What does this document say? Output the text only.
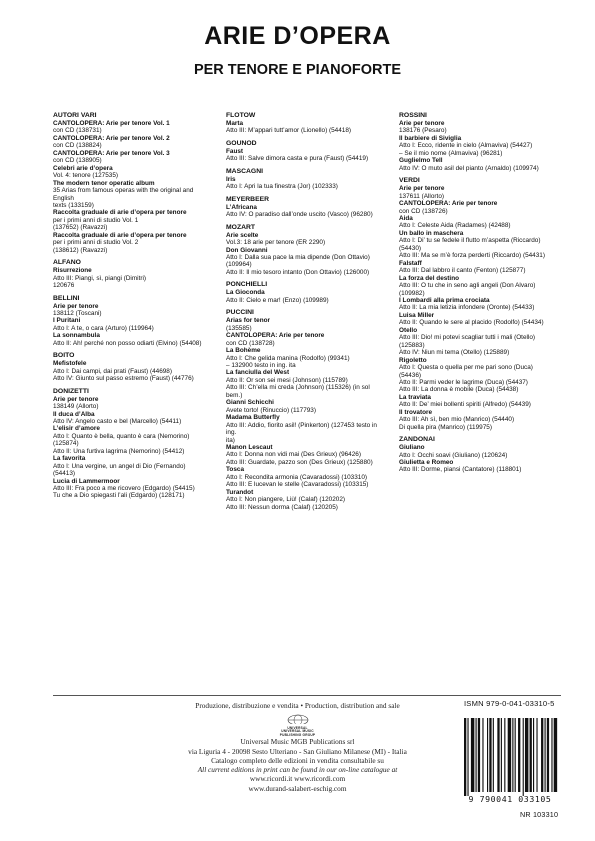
ARIE D’OPERA
PER TENORE E PIANOFORTE
AUTORI VARI
CANTOLOPERA: Arie per tenore Vol. 1
con CD (138731)
CANTOLOPERA: Arie per tenore Vol. 2
con CD (138824)
CANTOLOPERA: Arie per tenore Vol. 3
con CD (138905)
Celebri arie d’opera
Vol. 4: tenore (127535)
The modern tenor operatic album
35 Arias from famous operas with the original and English
texts (133159)
Raccolta graduale di arie d’opera per tenore
per i primi anni di studio Vol. 1
(137652) (Ravazzi)
Raccolta graduale di arie d’opera per tenore
per i primi anni di studio Vol. 2
(138612) (Ravazzi)
ALFANO
Risurrezione
Atto III: Piangi, sì, piangi (Dimitri)
120676
BELLINI
Arie per tenore
138112 (Toscani)
I Puritani
Atto I: A te, o cara (Arturo) (119964)
La sonnambula
Atto II: Ah! perché non posso odiarti (Elvino) (54408)
BOITO
Mefistofele
Atto I: Dai campi, dai prati (Faust) (44698)
Atto IV: Giunto sul passo estremo (Faust) (44776)
DONIZETTI
Arie per tenore
138149 (Allorto)
Il duca d’Alba
Atto IV: Angelo casto e bel (Marcello) (54411)
L’elisir d’amore
Atto I: Quanto è bella, quanto è cara (Nemorino)
(125874)
Atto II: Una furtiva lagrima (Nemorino) (54412)
La favorita
Atto I: Una vergine, un angel di Dio (Fernando)
(54413)
Lucia di Lammermoor
Atto III: Fra poco a me ricovero (Edgardo) (54415)
Tu che a Dio spiegasti l’ali (Edgardo) (128171)
FLOTOW
Marta
Atto III: M’appari tutt’amor (Lionello) (54418)
GOUNOD
Faust
Atto III: Salve dimora casta e pura (Faust) (54419)
MASCAGNI
Iris
Atto I: Apri la tua finestra (Jor) (102333)
MEYERBEER
L’Africana
Atto IV: O paradiso dall’onde uscito (Vasco) (96280)
MOZART
Arie scelte
Vol.3: 18 arie per tenore (ER 2290)
Don Giovanni
Atto I: Dalla sua pace la mia dipende (Don Ottavio)
(109964)
Atto II: Il mio tesoro intanto (Don Ottavio) (126000)
PONCHIELLI
La Gioconda
Atto II: Cielo e mar! (Enzo) (109989)
PUCCINI
Arias for tenor
(135585)
CANTOLOPERA: Arie per tenore
con CD (138728)
La Bohème
Atto I: Che gelida manina (Rodolfo) (99341)
– 132900 testo in ing. ita
La fanciulla del West
Atto II: Or son sei mesi (Johnson) (115789)
Atto III: Ch’ella mi creda (Johnson) (115326) (in sol bem.)
Gianni Schicchi
Avete torto! (Rinuccio) (117793)
Madama Butterfly
Atto III: Addio, fiorito asil! (Pinkerton) (127453 testo in ing.
ita)
Manon Lescaut
Atto I: Donna non vidi mai (Des Grieux) (96426)
Atto III: Guardate, pazzo son (Des Grieux) (125880)
Tosca
Atto I: Recondita armonia (Cavaradossi) (103310)
Atto III: E lucevan le stelle (Cavaradossi) (103315)
Turandot
Atto I: Non piangere, Liù! (Calaf) (120202)
Atto III: Nessun dorma (Calaf) (120205)
ROSSINI
Arie per tenore
138176 (Pesaro)
Il barbiere di Siviglia
Atto I: Ecco, ridente in cielo (Almaviva) (54427)
– Se il mio nome (Almaviva) (96281)
Guglielmo Tell
Atto IV: O muto asil del pianto (Arnaldo) (109974)
VERDI
Arie per tenore
137611 (Allorto)
CANTOLOPERA: Arie per tenore
con CD (138726)
Aida
Atto I: Celeste Aida (Radames) (42488)
Un ballo in maschera
Atto I: Di’ tu se fedele il flutto m’aspetta (Riccardo) (54430)
Atto III: Ma se m’è forza perderti (Riccardo) (54431)
Falstaff
Atto III: Dal labbro il canto (Fenton) (125877)
La forza del destino
Atto III: O tu che in seno agli angeli (Don Alvaro)
(109982)
I Lombardi alla prima crociata
Atto II: La mia letizia infondere (Oronte) (54433)
Luisa Miller
Atto II: Quando le sere al placido (Rodolfo) (54434)
Otello
Atto III: Dio! mi potevi scagliar tutti i mali (Otello)
(125883)
Atto IV: Niun mi tema (Otello) (125889)
Rigoletto
Atto I: Questa o quella per me pari sono (Duca)
(54436)
Atto II: Parmi veder le lagrime (Duca) (54437)
Atto III: La donna è mobile (Duca) (54438)
La traviata
Atto II: De’ miei bollenti spiriti (Alfredo) (54439)
Il trovatore
Atto III: Ah sì, ben mio (Manrico) (54440)
Di quella pira (Manrico) (119975)
ZANDONAI
Giuliano
Atto I: Occhi soavi (Giuliano) (120624)
Giulietta e Romeo
Atto III: Dorme, piansi (Cantatore) (118801)
Produzione, distribuzione e vendita • Production, distribution and sale
UNIVERSAL
UNIVERSAL MUSIC
PUBLISHING GROUP
Universal Music MGB Publications srl
via Liguria 4 - 20098 Sesto Ulteriano - San Giuliano Milanese (MI) - Italia
Catalogo completo delle edizioni in vendita consultabile su
All current editions in print can be found in our on-line catalogue at
www.ricordi.it www.ricordi.com
www.durand-salabert-eschig.com
ISMN 979-0-041-03310-5
9 790041 033105
NR 103310
